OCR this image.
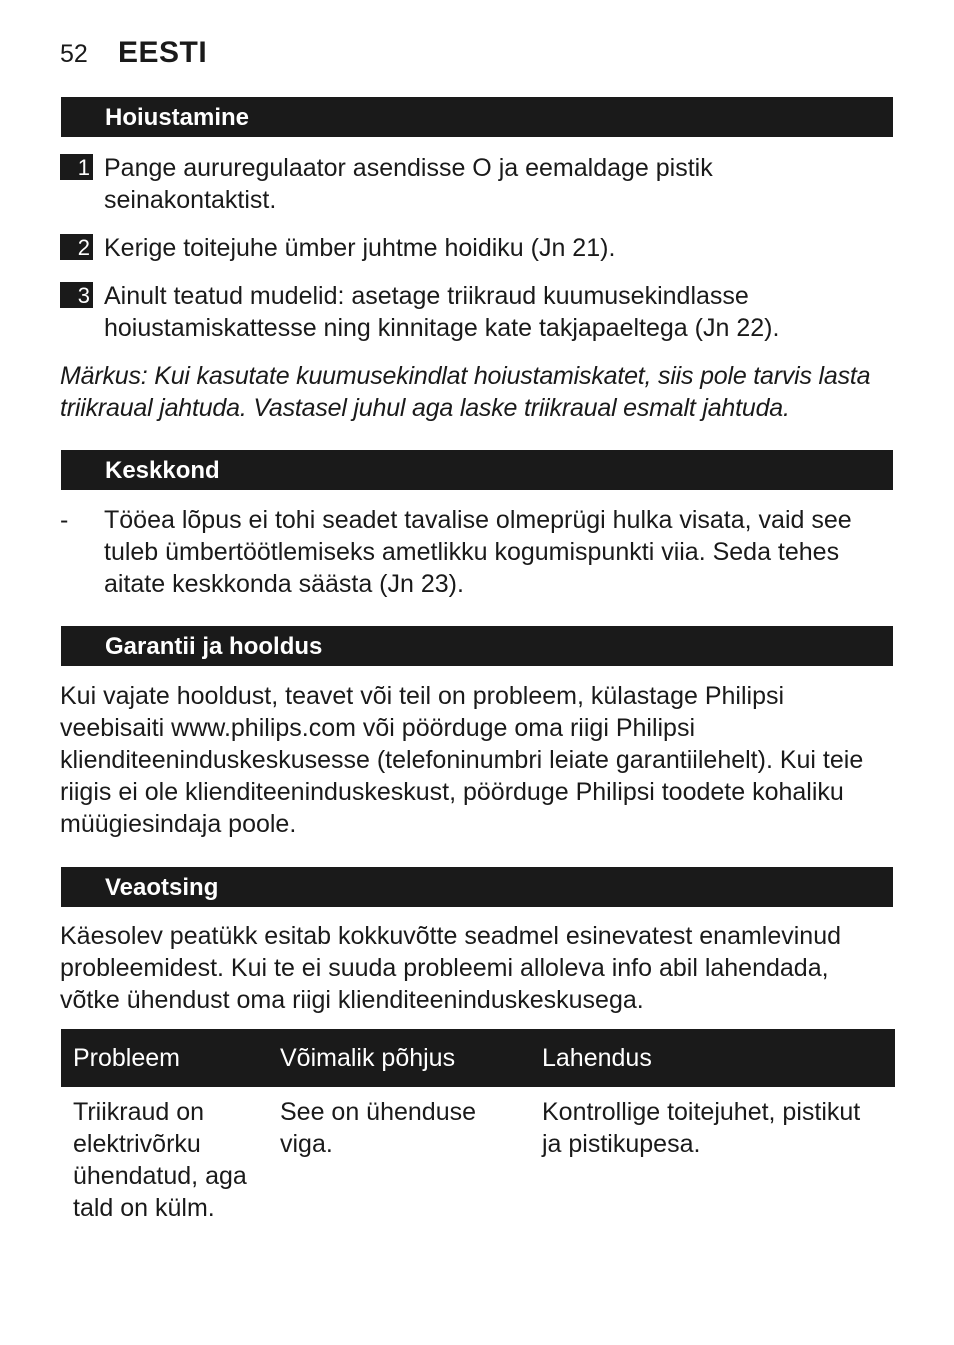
52	EESTI
Hoiustamine
1 Pange aururegulaator asendisse O ja eemaldage pistik seinakontaktist.
2 Kerige toitejuhe ümber juhtme hoidiku (Jn 21).
3 Ainult teatud mudelid: asetage triikraud kuumusekindlasse hoiustamiskattesse ning kinnitage kate takjapaeltega (Jn 22).
Märkus: Kui kasutate kuumusekindlat hoiustamiskatet, siis pole tarvis lasta triikraual jahtuda. Vastasel juhul aga laske triikraual esmalt jahtuda.
Keskkond
- Tööea lõpus ei tohi seadet tavalise olmeprügi hulka visata, vaid see tuleb ümbertöötlemiseks ametlikku kogumispunkti viia. Seda tehes aitate keskkonda säästa (Jn 23).
Garantii ja hooldus
Kui vajate hooldust, teavet või teil on probleem, külastage Philipsi veebisaiti www.philips.com või pöörduge oma riigi Philipsi klienditeeninduskeskusesse (telefoninumbri leiate garantiilehelt). Kui teie riigis ei ole klienditeeninduskeskust, pöörduge Philipsi toodete kohaliku müügiesindaja poole.
Veaotsing
Käesolev peatükk esitab kokkuvõtte seadmel esinevatest enamlevinud probleemidest. Kui te ei suuda probleemi alloleva info abil lahendada, võtke ühendust oma riigi klienditeeninduskeskusega.
Probleem	Võimalik põhjus	Lahendus
Triikraud on elektrivõrku ühendatud, aga tald on külm.	See on ühenduse viga.	Kontrollige toitejuhet, pistikut ja pistikupesa.
